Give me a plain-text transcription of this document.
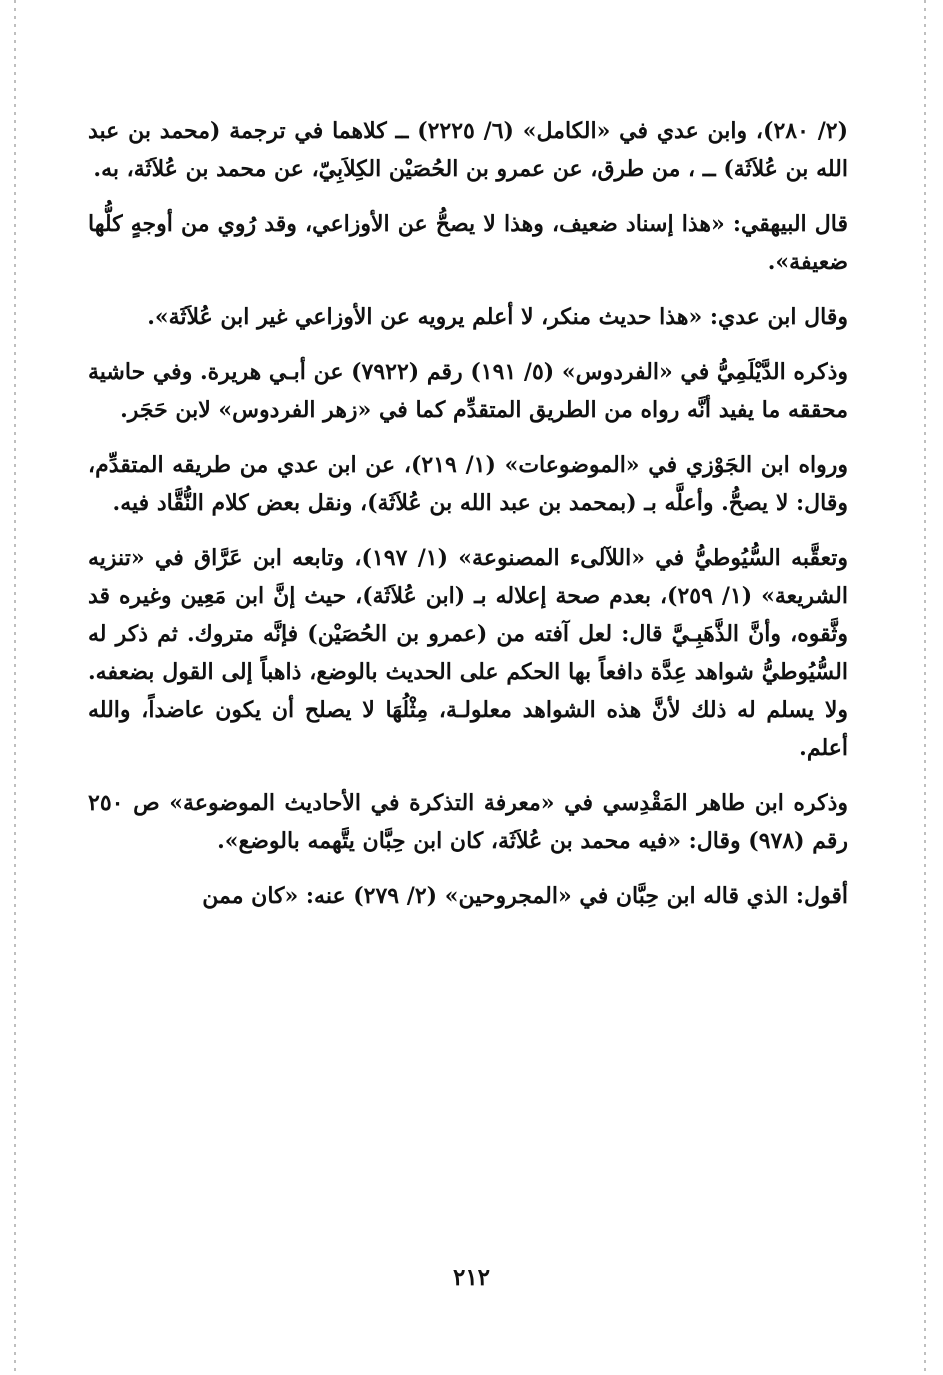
(٢/ ٢٨٠)، وابن عدي في «الكامل» (٦/ ٢٢٢٥) ــ كلاهما في ترجمة (محمد بن عبد الله بن عُلاَثَة) ــ ، من طرق، عن عمرو بن الحُصَيْن الكِلاَبِيّ، عن محمد بن عُلاَثَة، به.

قال البيهقي: «هذا إسناد ضعيف، وهذا لا يصحُّ عن الأوزاعي، وقد رُوي من أوجهٍ كلُّها ضعيفة».

وقال ابن عدي: «هذا حديث منكر، لا أعلم يرويه عن الأوزاعي غير ابن عُلاَثَة».

وذكره الدَّيْلَمِيُّ في «الفردوس» (٥/ ١٩١) رقم (٧٩٢٢) عن أبـي هريرة. وفي حاشية محققه ما يفيد أنَّه رواه من الطريق المتقدِّم كما في «زهر الفردوس» لابن حَجَر.

ورواه ابن الجَوْزي في «الموضوعات» (١/ ٢١٩)، عن ابن عدي من طريقه المتقدِّم، وقال: لا يصحُّ. وأعلَّه بـ (بمحمد بن عبد الله بن عُلاَثَة)، ونقل بعض كلام النُّقَّاد فيه.

وتعقَّبه السُّيُوطيُّ في «اللآلىء المصنوعة» (١/ ١٩٧)، وتابعه ابن عَرَّاق في «تنزيه الشريعة» (١/ ٢٥٩)، بعدم صحة إعلاله بـ (ابن عُلاَثَة)، حيث إنَّ ابن مَعِين وغيره قد وثَّقوه، وأنَّ الذَّهَبِـيَّ قال: لعل آفته من (عمرو بن الحُصَيْن) فإنَّه متروك. ثم ذكر له السُّيُوطيُّ شواهد عِدَّة دافعاً بها الحكم على الحديث بالوضع، ذاهباً إلى القول بضعفه. ولا يسلم له ذلك لأنَّ هذه الشواهد معلولـة، مِثْلُهَا لا يصلح أن يكون عاضداً، والله أعلم.

وذكره ابن طاهر المَقْدِسي في «معرفة التذكرة في الأحاديث الموضوعة» ص ٢٥٠ رقم (٩٧٨) وقال: «فيه محمد بن عُلاَثَة، كان ابن حِبَّان يتَّهمه بالوضع».

أقول: الذي قاله ابن حِبَّان في «المجروحين» (٢/ ٢٧٩) عنه: «كان ممن

٢١٢
